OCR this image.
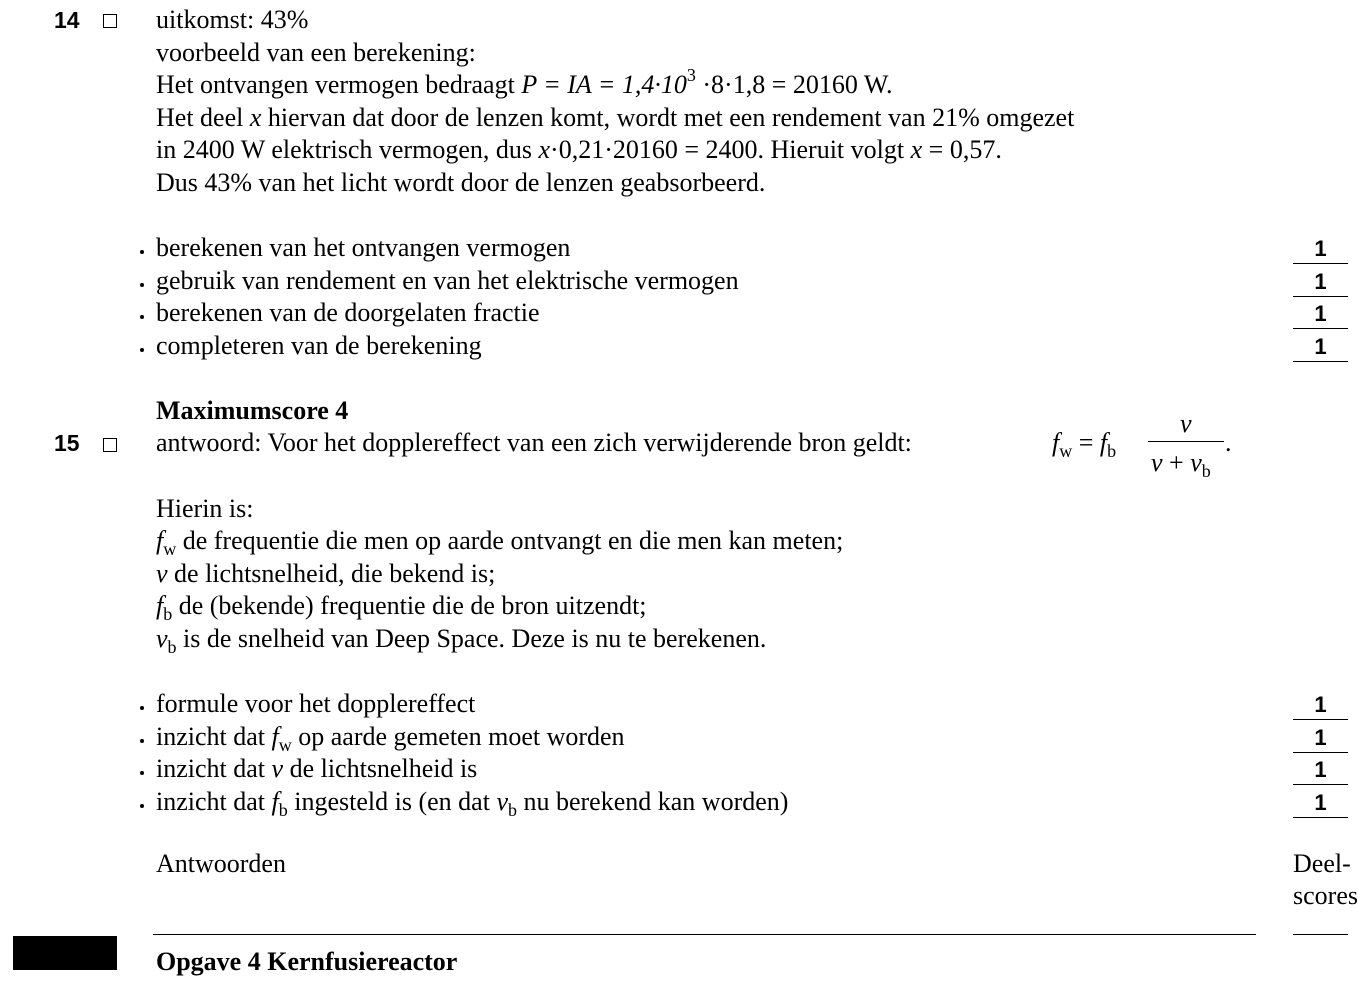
14	uitkomst: 43%
voorbeeld van een berekening:
Het ontvangen vermogen bedraagt P = IA = $1,4\cdot 10^3 \cdot 8\cdot 1,8 = 20160$ W.
Het deel x hiervan dat door de lenzen komt, wordt met een rendement van 21% omgezet
in 2400 W elektrisch vermogen, dus x·0,21·20160 = 2400. Hieruit volgt x = 0,57.
Dus 43% van het licht wordt door de lenzen geabsorbeerd.
berekenen van het ontvangen vermogen	1
gebruik van rendement en van het elektrische vermogen	1
berekenen van de doorgelaten fractie	1
completeren van de berekening	1
Maximumscore 4
15	antwoord: Voor het dopplereffect van een zich verwijderende bron geldt:	$f_w = f_b$
v
$v + v_b$
.
Hierin is:
$f_w$ de frequentie die men op aarde ontvangt en die men kan meten;
v de lichtsnelheid, die bekend is;
$f_b$ de (bekende) frequentie die de bron uitzendt;
$v_b$ is de snelheid van Deep Space. Deze is nu te berekenen.
formule voor het dopplereffect	1
inzicht dat $f_w$ op aarde gemeten moet worden	1
inzicht dat v de lichtsnelheid is	1
inzicht dat $f_b$ ingesteld is (en dat $v_b$ nu berekend kan worden)	1
Antwoorden	Deel-
scores
Opgave 4 Kernfusiereactor
